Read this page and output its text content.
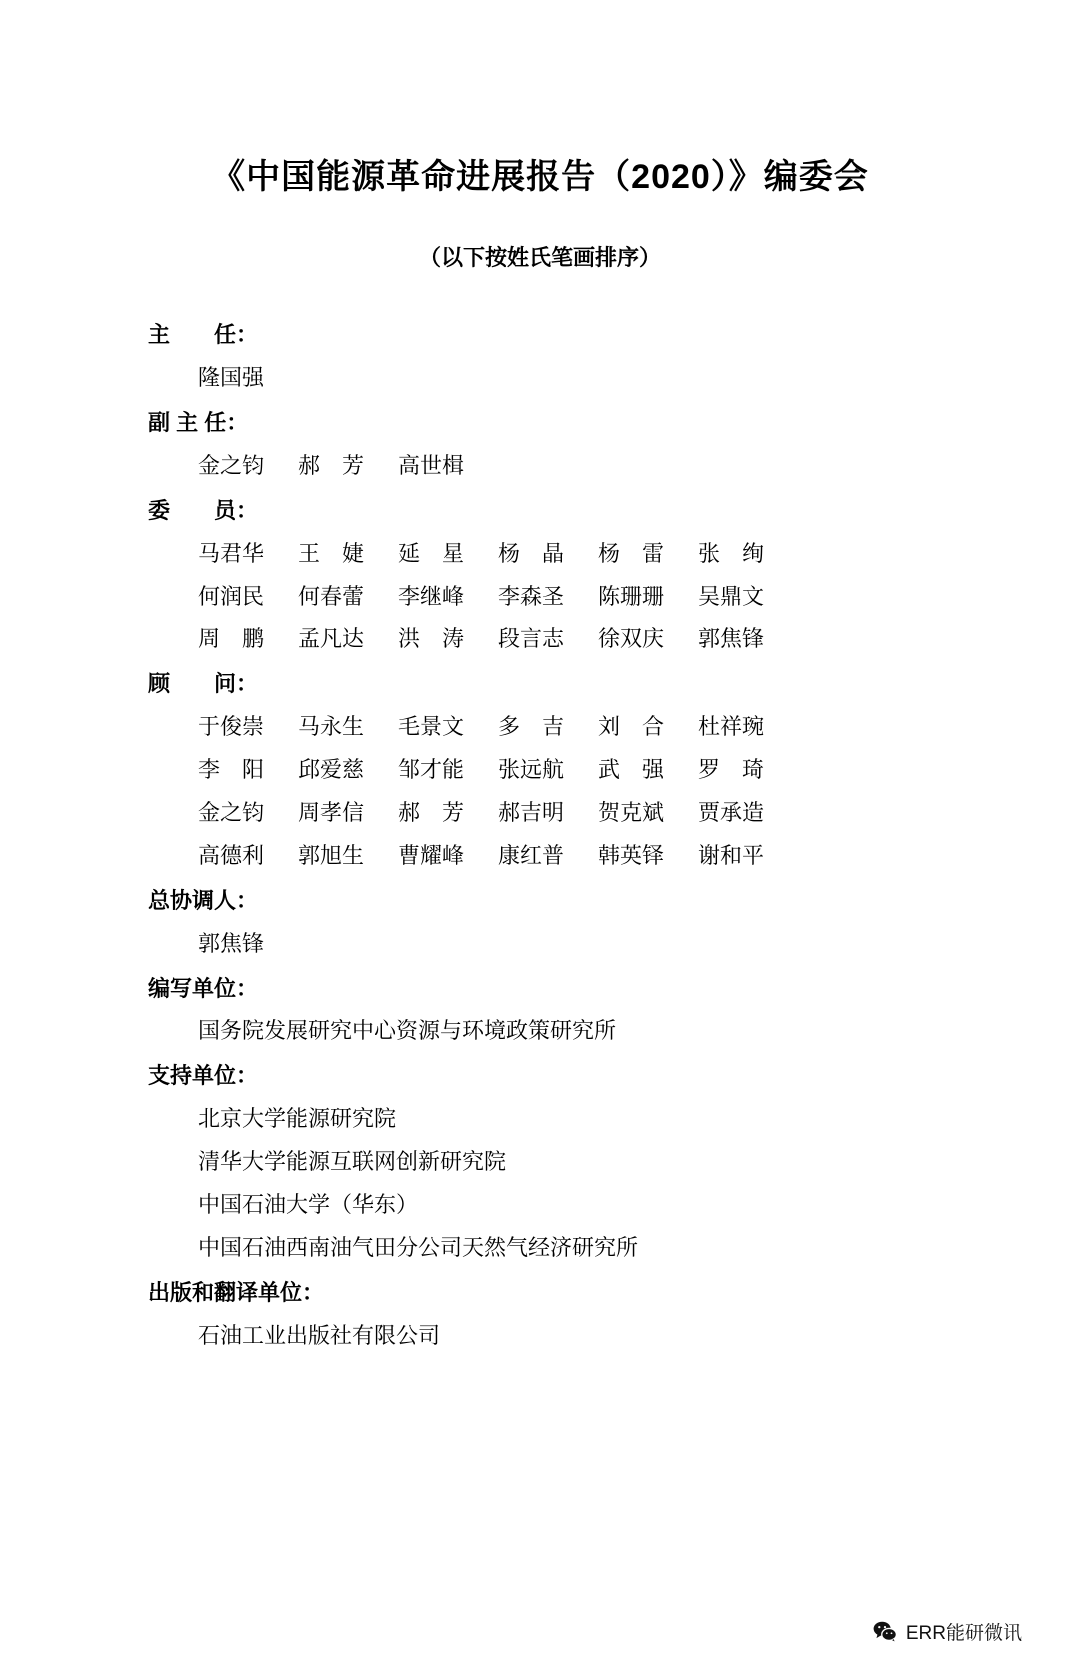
《中国能源革命进展报告（2020）》编委会
（以下按姓氏笔画排序）
主　　任：
隆国强
副 主 任：
金之钧	郝　芳	高世楫
委　　员：
马君华	王　婕	延　星	杨　晶	杨　雷	张　绚
何润民	何春蕾	李继峰	李森圣	陈珊珊	吴鼎文
周　鹏	孟凡达	洪　涛	段言志	徐双庆	郭焦锋
顾　　问：
于俊崇	马永生	毛景文	多　吉	刘　合	杜祥琬
李　阳	邱爱慈	邹才能	张远航	武　强	罗　琦
金之钧	周孝信	郝　芳	郝吉明	贺克斌	贾承造
高德利	郭旭生	曹耀峰	康红普	韩英铎	谢和平
总协调人：
郭焦锋
编写单位：
国务院发展研究中心资源与环境政策研究所
支持单位：
北京大学能源研究院
清华大学能源互联网创新研究院
中国石油大学（华东）
中国石油西南油气田分公司天然气经济研究所
出版和翻译单位：
石油工业出版社有限公司
ERR能研微讯
